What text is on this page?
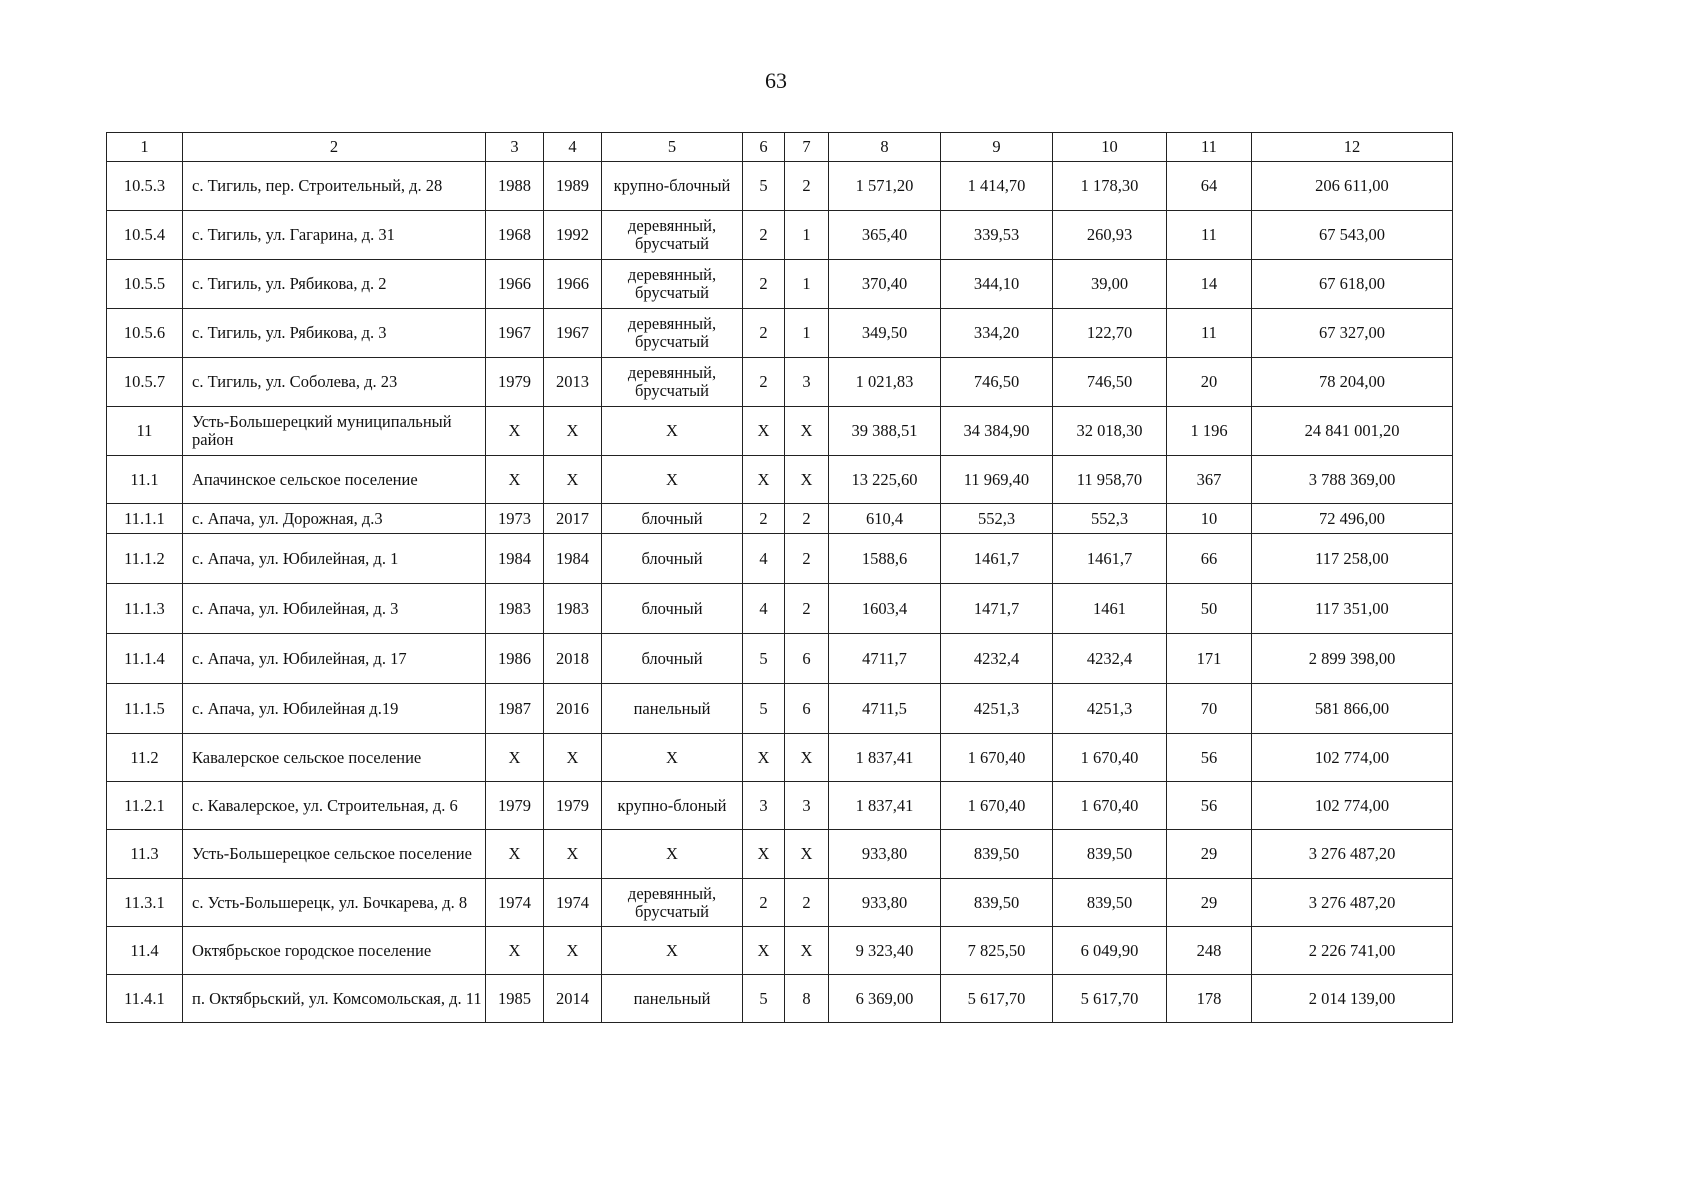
63
1	2	3	4	5	6	7	8	9	10	11	12
10.5.3	с. Тигиль, пер. Строительный, д. 28	1988	1989	крупно-блочный	5	2	1 571,20	1 414,70	1 178,30	64	206 611,00
10.5.4	с. Тигиль, ул. Гагарина, д. 31	1968	1992	деревянный, брусчатый	2	1	365,40	339,53	260,93	11	67 543,00
10.5.5	с. Тигиль, ул. Рябикова, д. 2	1966	1966	деревянный, брусчатый	2	1	370,40	344,10	39,00	14	67 618,00
10.5.6	с. Тигиль, ул. Рябикова, д. 3	1967	1967	деревянный, брусчатый	2	1	349,50	334,20	122,70	11	67 327,00
10.5.7	с. Тигиль, ул. Соболева, д. 23	1979	2013	деревянный, брусчатый	2	3	1 021,83	746,50	746,50	20	78 204,00
11	Усть-Большерецкий муниципальный район	Х	Х	Х	Х	Х	39 388,51	34 384,90	32 018,30	1 196	24 841 001,20
11.1	Апачинское сельское поселение	Х	Х	Х	Х	Х	13 225,60	11 969,40	11 958,70	367	3 788 369,00
11.1.1	с. Апача, ул. Дорожная, д.3	1973	2017	блочный	2	2	610,4	552,3	552,3	10	72 496,00
11.1.2	с. Апача, ул. Юбилейная, д. 1	1984	1984	блочный	4	2	1588,6	1461,7	1461,7	66	117 258,00
11.1.3	с. Апача, ул. Юбилейная, д. 3	1983	1983	блочный	4	2	1603,4	1471,7	1461	50	117 351,00
11.1.4	с. Апача, ул. Юбилейная, д. 17	1986	2018	блочный	5	6	4711,7	4232,4	4232,4	171	2 899 398,00
11.1.5	с. Апача, ул. Юбилейная д.19	1987	2016	панельный	5	6	4711,5	4251,3	4251,3	70	581 866,00
11.2	Кавалерское сельское поселение	Х	Х	Х	Х	Х	1 837,41	1 670,40	1 670,40	56	102 774,00
11.2.1	с. Кавалерское, ул. Строительная, д. 6	1979	1979	крупно-блоный	3	3	1 837,41	1 670,40	1 670,40	56	102 774,00
11.3	Усть-Большерецкое сельское поселение	Х	Х	Х	Х	Х	933,80	839,50	839,50	29	3 276 487,20
11.3.1	с. Усть-Большерецк, ул. Бочкарева, д. 8	1974	1974	деревянный, брусчатый	2	2	933,80	839,50	839,50	29	3 276 487,20
11.4	Октябрьское городское поселение	Х	Х	Х	Х	Х	9 323,40	7 825,50	6 049,90	248	2 226 741,00
11.4.1	п. Октябрьский, ул. Комсомольская, д. 11	1985	2014	панельный	5	8	6 369,00	5 617,70	5 617,70	178	2 014 139,00
